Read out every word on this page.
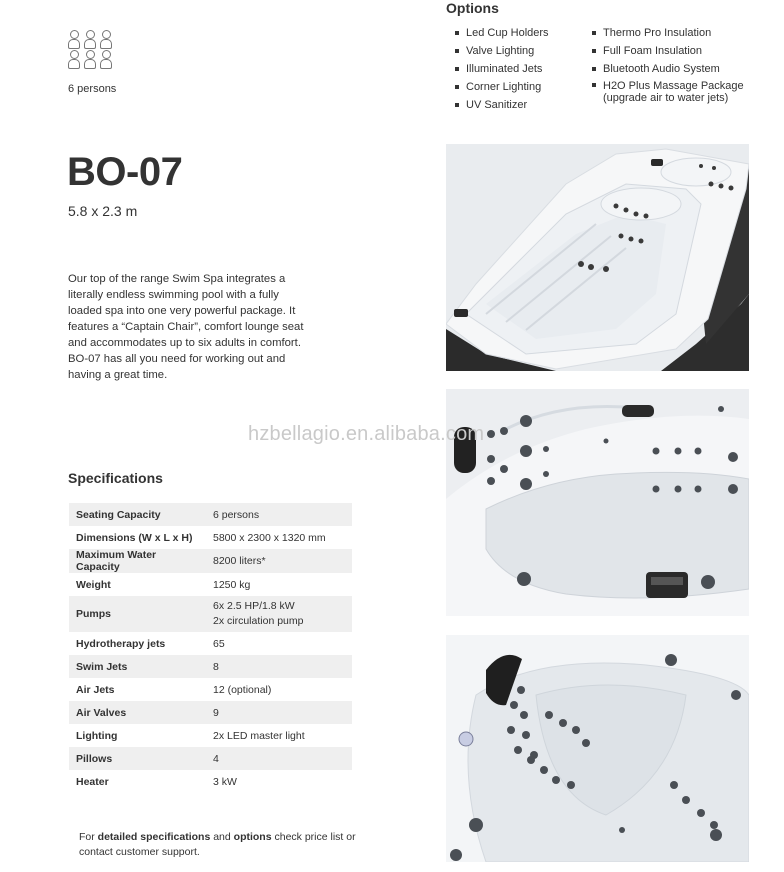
6 persons
BO-07
5.8 x 2.3 m
Our top of the range Swim Spa integrates a literally endless swimming pool with a fully loaded spa into one very powerful package. It features a “Captain Chair”, comfort lounge seat and accommodates up to six adults in comfort. BO-07 has all you need for working out and having a great time.
Options
Led Cup Holders
Valve Lighting
Illuminated Jets
Corner Lighting
UV Sanitizer
Thermo Pro Insulation
Full Foam Insulation
Bluetooth Audio System
H2O Plus Massage Package
(upgrade air to water jets)
hzbellagio.en.alibaba.com
Specifications
Seating Capacity	6 persons
Dimensions (W x L x H)	5800 x 2300 x 1320 mm
Maximum Water Capacity	8200 liters*
Weight	1250 kg
Pumps	6x 2.5 HP/1.8 kW
2x circulation pump
Hydrotherapy jets	65
Swim Jets	8
Air Jets	12 (optional)
Air Valves	9
Lighting	2x LED master light
Pillows	4
Heater	3 kW
For detailed specifications and options check price list or contact customer support.
